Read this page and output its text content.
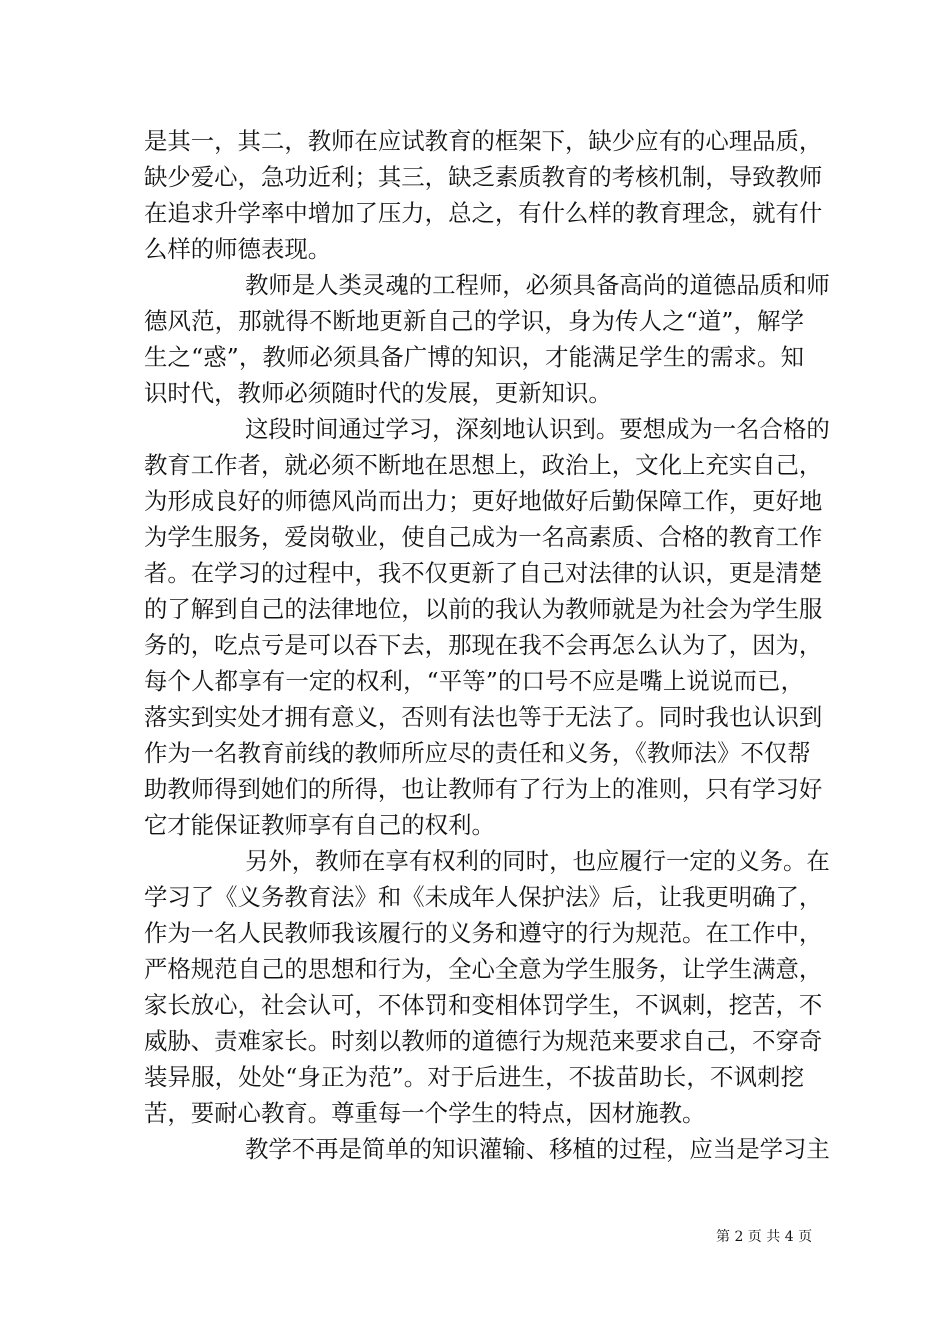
是其一，其二，教师在应试教育的框架下，缺少应有的心理品质，
缺少爱心，急功近利；其三，缺乏素质教育的考核机制，导致教师
在追求升学率中增加了压力，总之，有什么样的教育理念，就有什
么样的师德表现。
教师是人类灵魂的工程师，必须具备高尚的道德品质和师
德风范，那就得不断地更新自己的学识，身为传人之“道”，解学
生之“惑”，教师必须具备广博的知识，才能满足学生的需求。知
识时代，教师必须随时代的发展，更新知识。
这段时间通过学习，深刻地认识到。要想成为一名合格的
教育工作者，就必须不断地在思想上，政治上，文化上充实自己，
为形成良好的师德风尚而出力；更好地做好后勤保障工作，更好地
为学生服务，爱岗敬业，使自己成为一名高素质、合格的教育工作
者。在学习的过程中，我不仅更新了自己对法律的认识，更是清楚
的了解到自己的法律地位，以前的我认为教师就是为社会为学生服
务的，吃点亏是可以吞下去，那现在我不会再怎么认为了，因为，
每个人都享有一定的权利，“平等”的口号不应是嘴上说说而已，
落实到实处才拥有意义，否则有法也等于无法了。同时我也认识到
作为一名教育前线的教师所应尽的责任和义务，《教师法》不仅帮
助教师得到她们的所得，也让教师有了行为上的准则，只有学习好
它才能保证教师享有自己的权利。
另外，教师在享有权利的同时，也应履行一定的义务。在
学习了《义务教育法》和《未成年人保护法》后，让我更明确了，
作为一名人民教师我该履行的义务和遵守的行为规范。在工作中，
严格规范自己的思想和行为，全心全意为学生服务，让学生满意，
家长放心，社会认可，不体罚和变相体罚学生，不讽刺，挖苦，不
威胁、责难家长。时刻以教师的道德行为规范来要求自己，不穿奇
装异服，处处“身正为范”。对于后进生，不拔苗助长，不讽刺挖
苦，要耐心教育。尊重每一个学生的特点，因材施教。
教学不再是简单的知识灌输、移植的过程，应当是学习主
第 2 页 共 4 页
